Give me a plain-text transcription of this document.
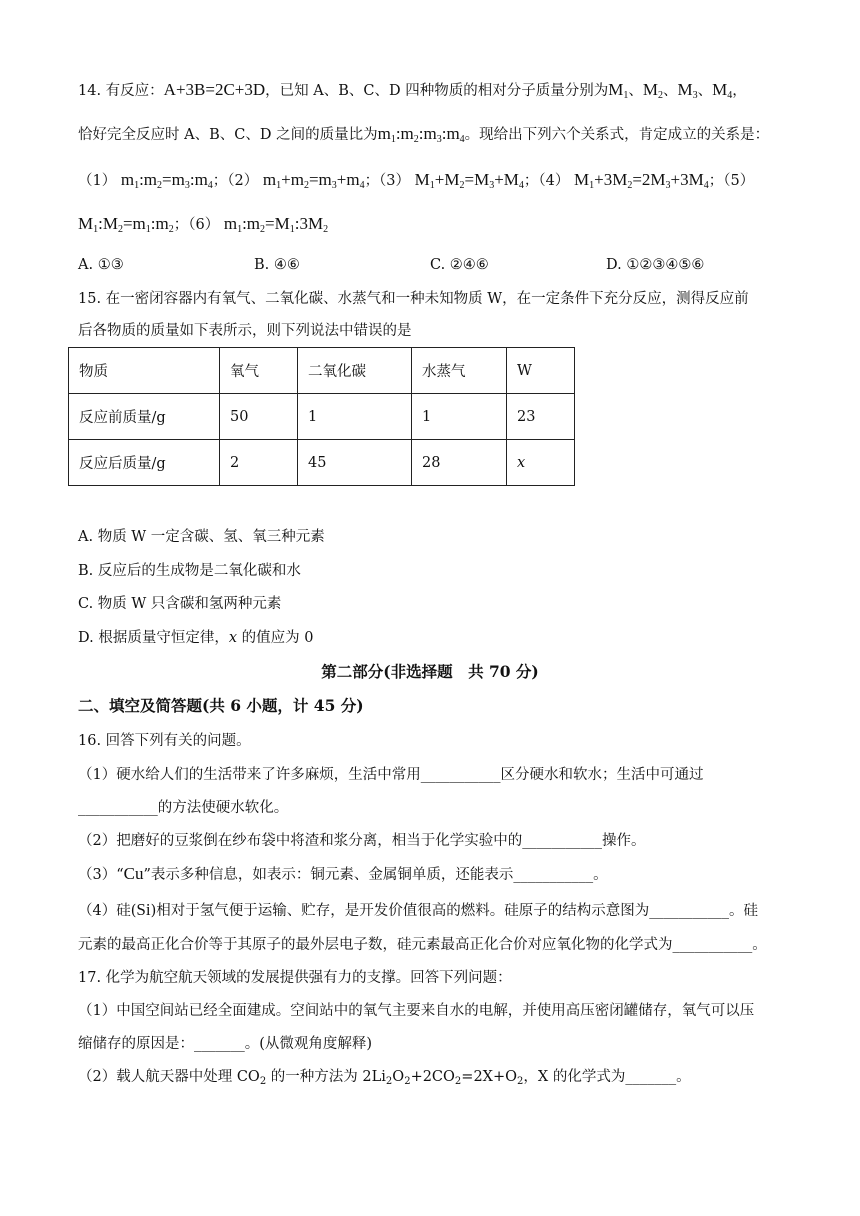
14. 有反应：A+3B=2C+3D，已知 A、B、C、D 四种物质的相对分子质量分别为$M_1$、$M_2$、$M_3$、$M_4$，
恰好完全反应时 A、B、C、D 之间的质量比为$m_1:m_2:m_3:m_4$。现给出下列六个关系式，肯定成立的关系是：
（1） $m_1:m_2=m_3:m_4$；（2） $m_1+m_2=m_3+m_4$；（3） $M_1+M_2=M_3+M_4$；（4） $M_1+3M_2=2M_3+3M_4$；（5）
$M_1:M_2=m_1:m_2$；（6） $m_1:m_2=M_1:3M_2$
A. ①③	B. ④⑥	C. ②④⑥	D. ①②③④⑤⑥
15. 在一密闭容器内有氧气、二氧化碳、水蒸气和一种未知物质 W，在一定条件下充分反应，测得反应前
后各物质的质量如下表所示，则下列说法中错误的是
物质	氧气	二氧化碳	水蒸气	W
反应前质量/g	50	1	1	23
反应后质量/g	2	45	28	x
A. 物质 W 一定含碳、氢、氧三种元素
B. 反应后的生成物是二氧化碳和水
C. 物质 W 只含碳和氢两种元素
D. 根据质量守恒定律，x 的值应为 0
第二部分(非选择题　共 70 分)
二、填空及简答题(共 6 小题，计 45 分)
16. 回答下列有关的问题。
（1）硬水给人们的生活带来了许多麻烦，生活中常用___________区分硬水和软水；生活中可通过
___________的方法使硬水软化。
（2）把磨好的豆浆倒在纱布袋中将渣和浆分离，相当于化学实验中的___________操作。
（3）“Cu”表示多种信息，如表示：铜元素、金属铜单质，还能表示___________。
（4）硅(Si)相对于氢气便于运输、贮存，是开发价值很高的燃料。硅原子的结构示意图为___________。硅
元素的最高正化合价等于其原子的最外层电子数，硅元素最高正化合价对应氧化物的化学式为___________。
17. 化学为航空航天领域的发展提供强有力的支撑。回答下列问题：
（1）中国空间站已经全面建成。空间站中的氧气主要来自水的电解，并使用高压密闭罐储存，氧气可以压
缩储存的原因是：_______。(从微观角度解释)
（2）载人航天器中处理 $CO_2$ 的一种方法为 $2Li_2O_2+2CO_2=2X+O_2$，X 的化学式为_______。
